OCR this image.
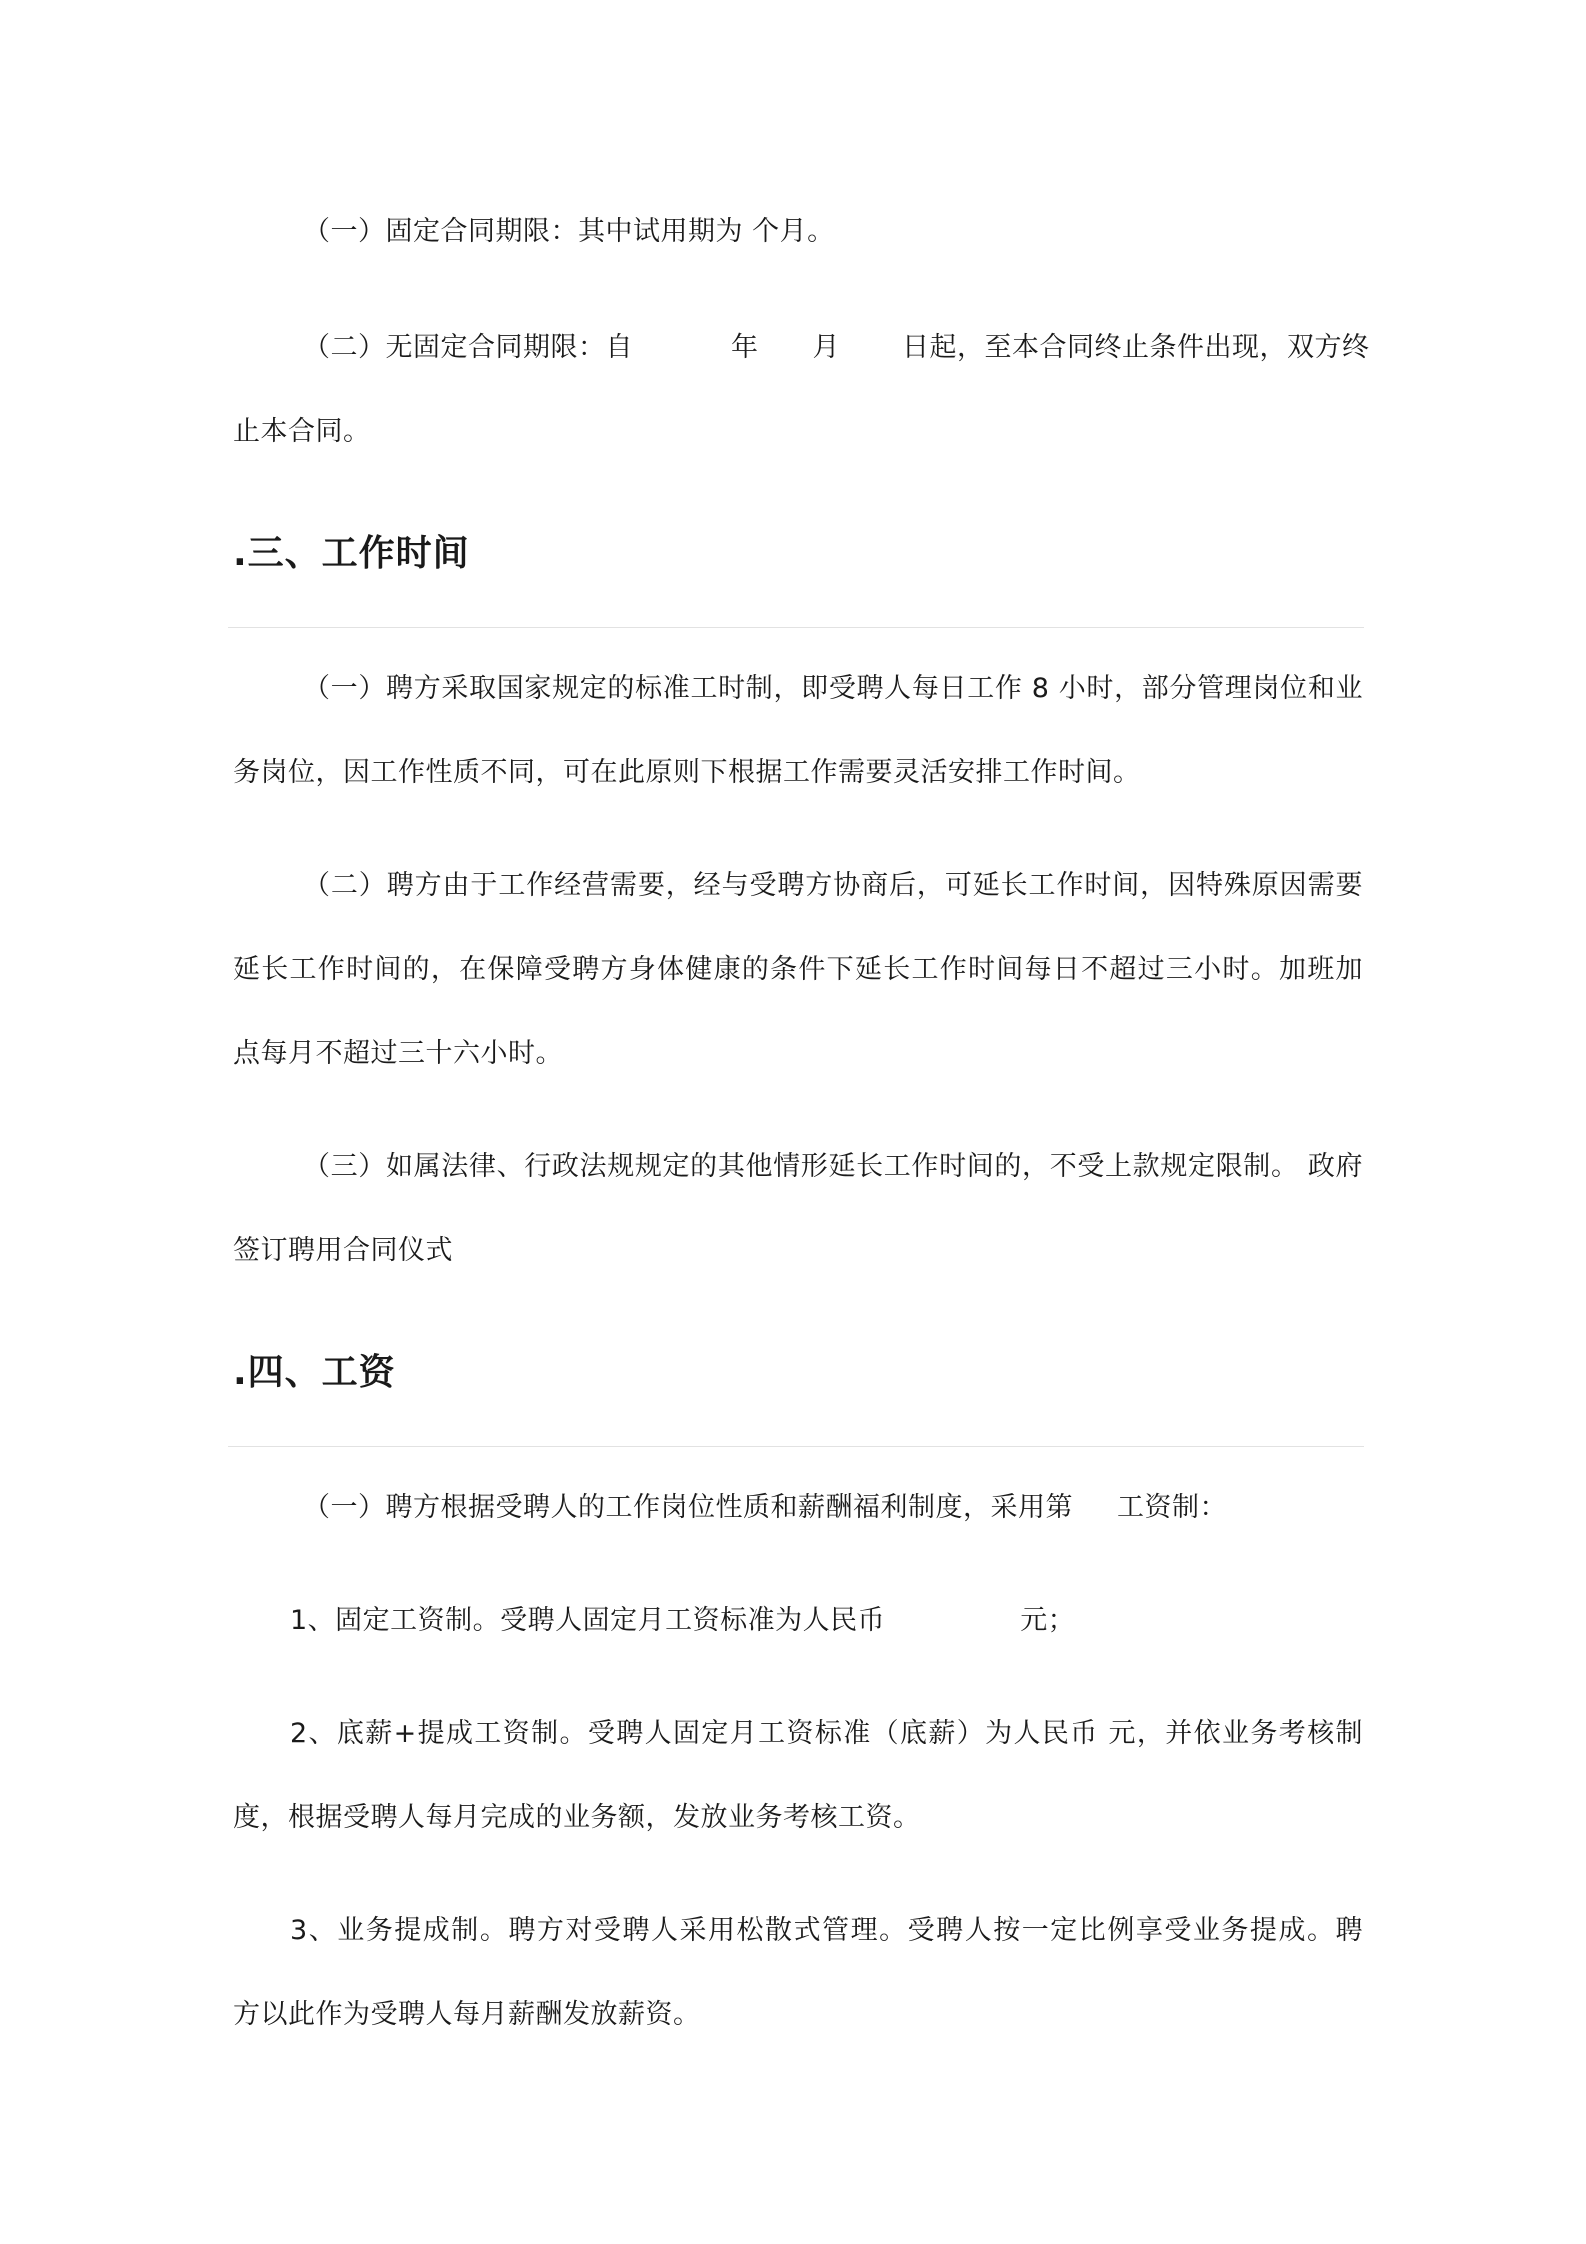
（一）固定合同期限：其中试用期为 个月。
（二）无固定合同期限：自	年 月 日起，至本合同终止条件出现，双方终
止本合同。
.三、工作时间
（一）聘方采取国家规定的标准工时制，即受聘人每日工作 8 小时，部分管理岗位和业
务岗位，因工作性质不同，可在此原则下根据工作需要灵活安排工作时间。
（二）聘方由于工作经营需要，经与受聘方协商后，可延长工作时间，因特殊原因需要
延长工作时间的，在保障受聘方身体健康的条件下延长工作时间每日不超过三小时。加班加
点每月不超过三十六小时。
（三）如属法律、行政法规规定的其他情形延长工作时间的，不受上款规定限制。 政府
签订聘用合同仪式
.四、工资
（一）聘方根据受聘人的工作岗位性质和薪酬福利制度，采用第 工资制：
1、固定工资制。受聘人固定月工资标准为人民币	元；
2、底薪+提成工资制。受聘人固定月工资标准（底薪）为人民币 元，并依业务考核制
度，根据受聘人每月完成的业务额，发放业务考核工资。
3、业务提成制。聘方对受聘人采用松散式管理。受聘人按一定比例享受业务提成。聘
方以此作为受聘人每月薪酬发放薪资。
